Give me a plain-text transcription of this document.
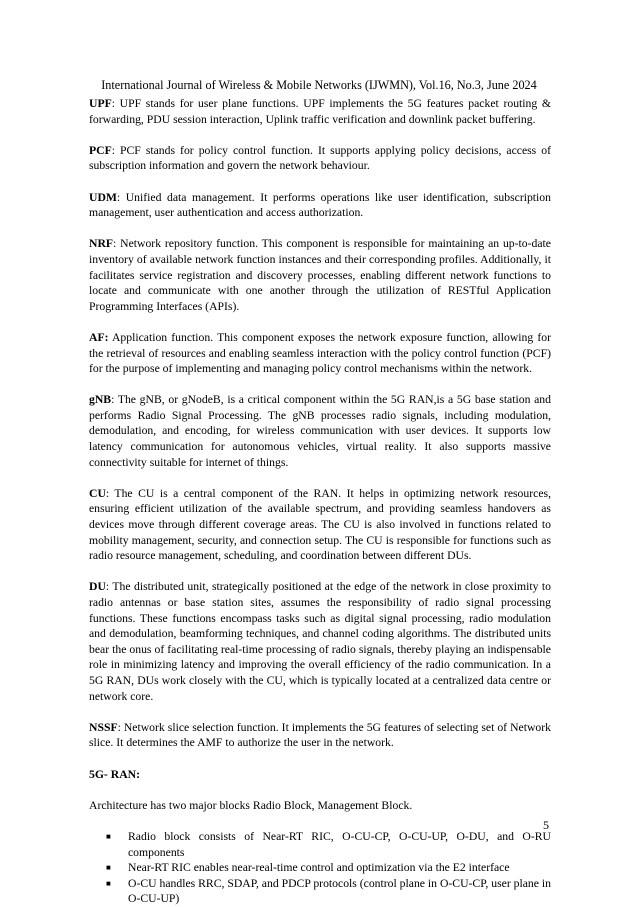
International Journal of Wireless & Mobile Networks (IJWMN), Vol.16, No.3, June 2024

UPF: UPF stands for user plane functions. UPF implements the 5G features packet routing & forwarding, PDU session interaction, Uplink traffic verification and downlink packet buffering.

PCF: PCF stands for policy control function. It supports applying policy decisions, access of subscription information and govern the network behaviour.

UDM: Unified data management. It performs operations like user identification, subscription management, user authentication and access authorization.

NRF: Network repository function. This component is responsible for maintaining an up-to-date inventory of available network function instances and their corresponding profiles. Additionally, it facilitates service registration and discovery processes, enabling different network functions to locate and communicate with one another through the utilization of RESTful Application Programming Interfaces (APIs).

AF: Application function. This component exposes the network exposure function, allowing for the retrieval of resources and enabling seamless interaction with the policy control function (PCF) for the purpose of implementing and managing policy control mechanisms within the network.

gNB: The gNB, or gNodeB, is a critical component within the 5G RAN,is a 5G base station and performs Radio Signal Processing. The gNB processes radio signals, including modulation, demodulation, and encoding, for wireless communication with user devices. It supports low latency communication for autonomous vehicles, virtual reality. It also supports massive connectivity suitable for internet of things.

CU: The CU is a central component of the RAN. It helps in optimizing network resources, ensuring efficient utilization of the available spectrum, and providing seamless handovers as devices move through different coverage areas. The CU is also involved in functions related to mobility management, security, and connection setup. The CU is responsible for functions such as radio resource management, scheduling, and coordination between different DUs.

DU: The distributed unit, strategically positioned at the edge of the network in close proximity to radio antennas or base station sites, assumes the responsibility of radio signal processing functions. These functions encompass tasks such as digital signal processing, radio modulation and demodulation, beamforming techniques, and channel coding algorithms. The distributed units bear the onus of facilitating real-time processing of radio signals, thereby playing an indispensable role in minimizing latency and improving the overall efficiency of the radio communication. In a 5G RAN, DUs work closely with the CU, which is typically located at a centralized data centre or network core.

NSSF: Network slice selection function. It implements the 5G features of selecting set of Network slice. It determines the AMF to authorize the user in the network.

5G- RAN:

Architecture has two major blocks Radio Block, Management Block.

■ Radio block consists of Near-RT RIC, O-CU-CP, O-CU-UP, O-DU, and O-RU components
■ Near-RT RIC enables near-real-time control and optimization via the E2 interface
■ O-CU handles RRC, SDAP, and PDCP protocols (control plane in O-CU-CP, user plane in O-CU-UP)
5
